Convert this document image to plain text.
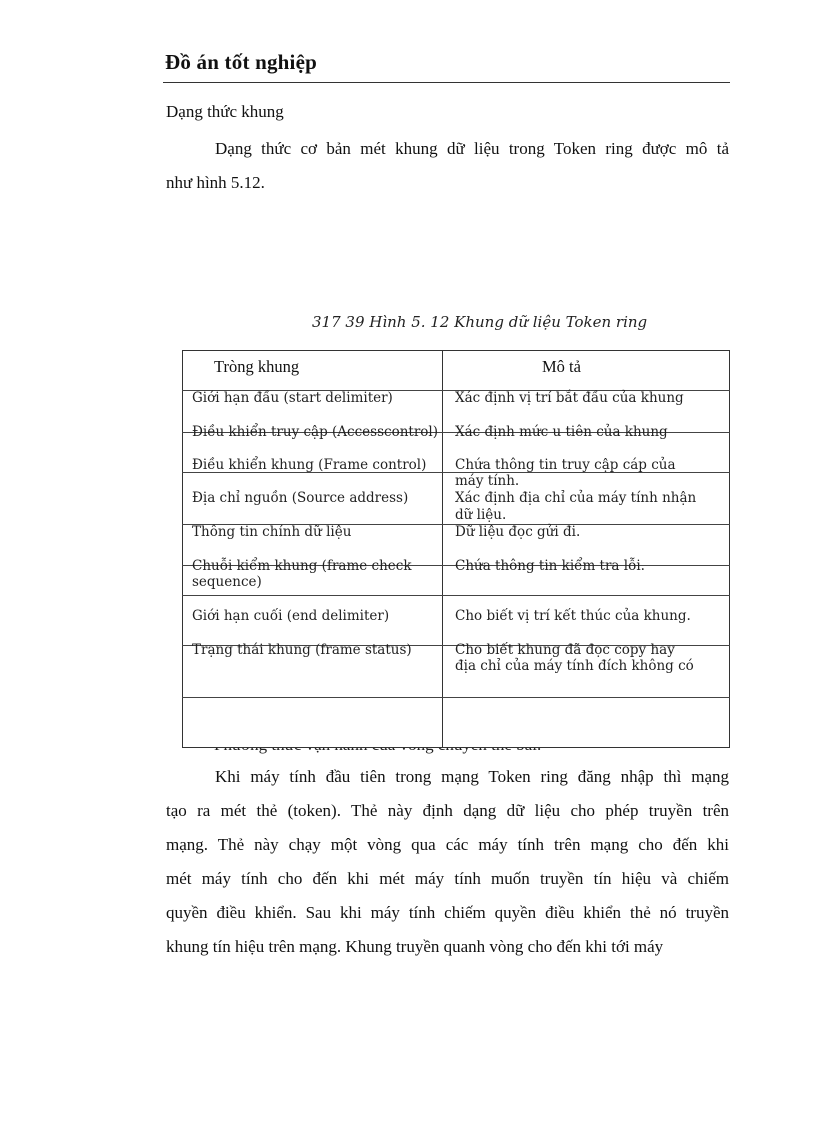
Đồ án tốt nghiệp
Dạng thức khung
Dạng thức cơ bản mét khung dữ liệu trong Token ring được mô tả
như hình 5.12.
317 39 Hình 5. 12 Khung dữ liệu Token ring
Tròng khung	Mô tả
Giới hạn đầu (start delimiter)
Điều khiển truy cập (Accesscontrol)
Điều khiển khung (Frame control)
Địa chỉ nguồn (Source address)
Thông tin chính dữ liệu
Chuỗi kiểm khung (frame check
sequence)
Giới hạn cuối (end delimiter)
Trạng thái khung (frame status)
Xác định vị trí bắt đầu của khung
Xác định mức u tiên của khung
Chứa thông tin truy cập cáp của
máy tính.
Xác định địa chỉ của máy tính nhận
dữ liệu.
Dữ liệu đọc gửi đi.
Chứa thông tin kiểm tra lỗi.
Cho biết vị trí kết thúc của khung.
Cho biết khung đã đọc copy hay
địa chỉ của máy tính đích không có
Khi máy tính đầu tiên trong mạng Token ring đăng nhập thì mạng
tạo ra mét thẻ (token). Thẻ này định dạng dữ liệu cho phép truyền trên
mạng. Thẻ này chạy một vòng qua các máy tính trên mạng cho đến khi
mét máy tính cho đến khi mét máy tính muốn truyền tín hiệu và chiếm
quyền điều khiển. Sau khi máy tính chiếm quyền điều khiển thẻ nó truyền
khung tín hiệu trên mạng. Khung truyền quanh vòng cho đến khi tới máy
